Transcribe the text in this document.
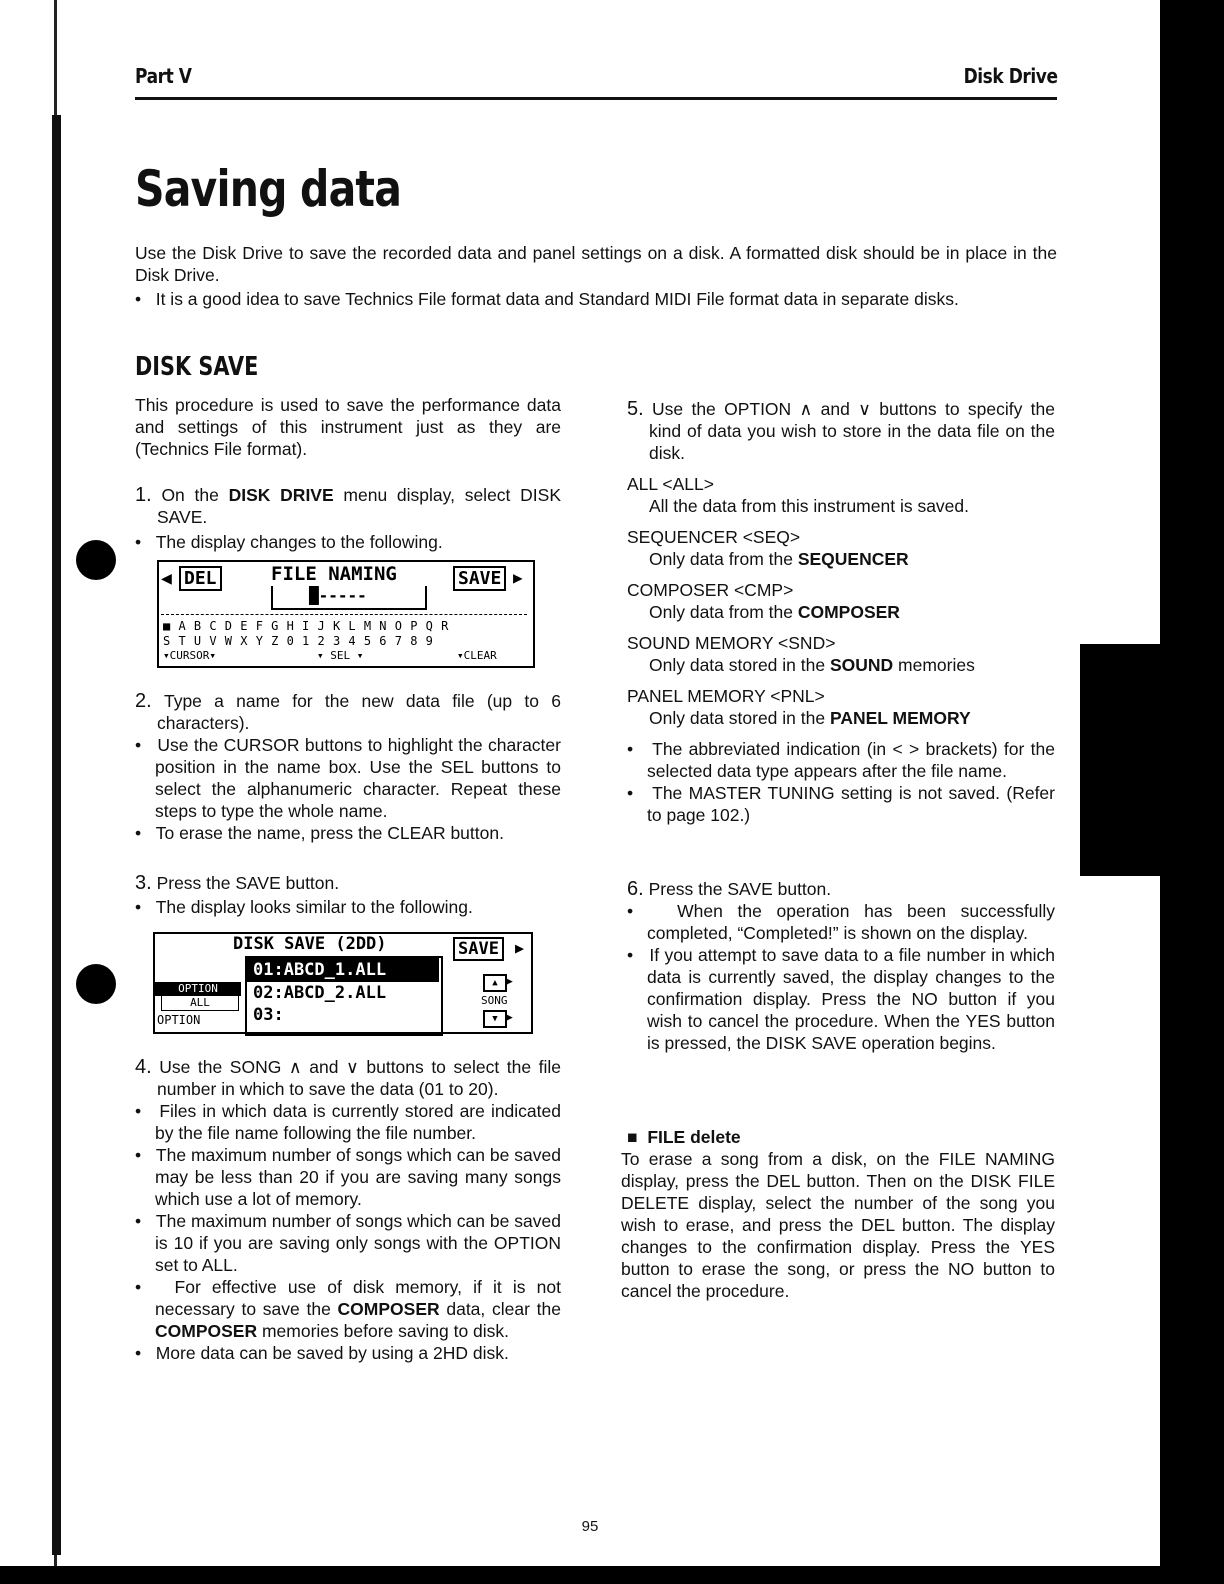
Part V	Disk Drive
Saving data

Use the Disk Drive to save the recorded data and panel settings on a disk. A formatted disk should be in place in the Disk Drive.

•   It is a good idea to save Technics File format data and Standard MIDI File format data in separate disks.

DISK SAVE

This procedure is used to save the performance data and settings of this instrument just as they are (Technics File format).

1. On the DISK DRIVE menu display, select DISK SAVE.

•   The display changes to the following.

◀ DEL	FILE NAMING	SAVE ▶
█-----
■ A B C D E F G H I J K L M N O P Q R
S T U V W X Y Z 0 1 2 3 4 5 6 7 8 9
▾CURSOR▾	▾ SEL ▾	▾CLEAR

2. Type a name for the new data file (up to 6 characters).

•   Use the CURSOR buttons to highlight the character position in the name box. Use the SEL buttons to select the alphanumeric character. Repeat these steps to type the whole name.

•   To erase the name, press the CLEAR button.

3. Press the SAVE button.

•   The display looks similar to the following.

DISK SAVE (2DD)	SAVE	▶
01:ABCD_1.ALL
02:ABCD_2.ALL
03:
OPTION
ALL
OPTION
▲ ▶
SONG
▼ ▶

4. Use the SONG ∧ and ∨ buttons to select the file number in which to save the data (01 to 20).

•   Files in which data is currently stored are indicated by the file name following the file number.

•   The maximum number of songs which can be saved may be less than 20 if you are saving many songs which use a lot of memory.

•   The maximum number of songs which can be saved is 10 if you are saving only songs with the OPTION set to ALL.

•   For effective use of disk memory, if it is not necessary to save the COMPOSER data, clear the COMPOSER memories before saving to disk.

•   More data can be saved by using a 2HD disk.

5. Use the OPTION ∧ and ∨ buttons to specify the kind of data you wish to store in the data file on the disk.

ALL <ALL>

All the data from this instrument is saved.

SEQUENCER <SEQ>

Only data from the SEQUENCER

COMPOSER <CMP>

Only data from the COMPOSER

SOUND MEMORY <SND>

Only data stored in the SOUND memories

PANEL MEMORY <PNL>

Only data stored in the PANEL MEMORY

•   The abbreviated indication (in < > brackets) for the selected data type appears after the file name.

•   The MASTER TUNING setting is not saved. (Refer to page 102.)

6. Press the SAVE button.

•   When the operation has been successfully completed, “Completed!” is shown on the display.

•   If you attempt to save data to a file number in which data is currently saved, the display changes to the confirmation display. Press the NO button if you wish to cancel the procedure. When the YES button is pressed, the DISK SAVE operation begins.

■ FILE delete

To erase a song from a disk, on the FILE NAMING display, press the DEL button. Then on the DISK FILE DELETE display, select the number of the song you wish to erase, and press the DEL button. The display changes to the confirmation display. Press the YES button to erase the song, or press the NO button to cancel the procedure.

Practical applications
95
